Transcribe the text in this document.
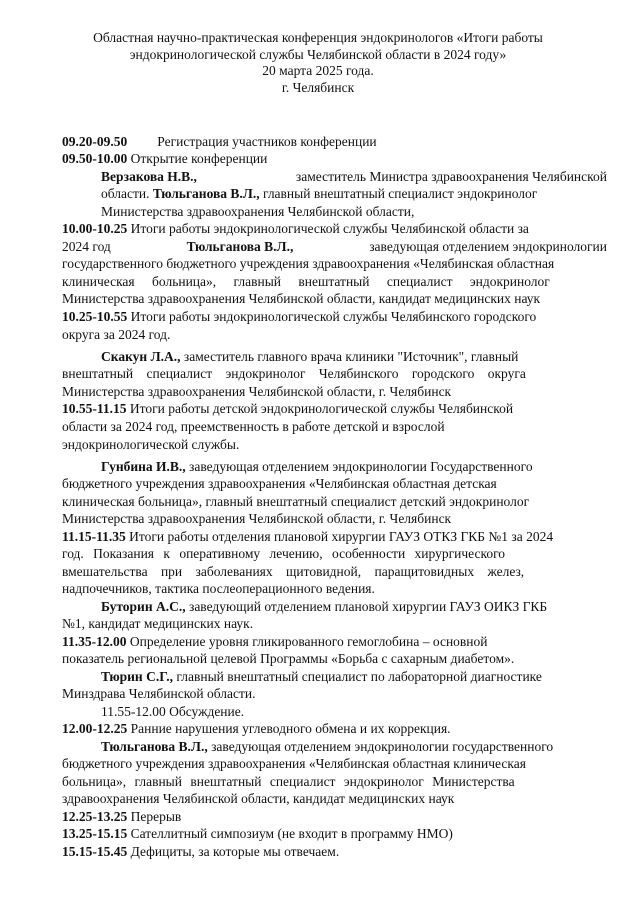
Областная научно-практическая конференция эндокринологов «Итоги работы
эндокринологической службы Челябинской области в 2024 году»
20 марта 2025 года.
г. Челябинск
09.20-09.50 Регистрация участников конференции
09.50-10.00 Открытие конференции
Верзакова Н.В.,	заместитель Министра здравоохранения Челябинской
области. Тюльганова В.Л., главный внештатный специалист эндокринолог
Министерства здравоохранения Челябинской области,
10.00-10.25 Итоги работы эндокринологической службы Челябинской области за
2024 год	Тюльганова В.Л.,	заведующая отделением эндокринологии
государственного бюджетного учреждения здравоохранения «Челябинская областная
клиническая больница», главный внештатный специалист эндокринолог
Министерства здравоохранения Челябинской области, кандидат медицинских наук
10.25-10.55 Итоги работы эндокринологической службы Челябинского городского
округа за 2024 год.
Скакун Л.А., заместитель главного врача клиники "Источник", главный
внештатный специалист эндокринолог Челябинского городского округа
Министерства здравоохранения Челябинской области, г. Челябинск
10.55-11.15 Итоги работы детской эндокринологической службы Челябинской
области за 2024 год, преемственность в работе детской и взрослой
эндокринологической службы.
Гунбина И.В., заведующая отделением эндокринологии Государственного
бюджетного учреждения здравоохранения «Челябинская областная детская
клиническая больница», главный внештатный специалист детский эндокринолог
Министерства здравоохранения Челябинской области, г. Челябинск
11.15-11.35 Итоги работы отделения плановой хирургии ГАУЗ ОТКЗ ГКБ №1 за 2024
год. Показания к оперативному лечению, особенности хирургического
вмешательства при заболеваниях щитовидной, паращитовидных желез,
надпочечников, тактика послеоперационного ведения.
Буторин А.С., заведующий отделением плановой хирургии ГАУЗ ОИКЗ ГКБ
№1, кандидат медицинских наук.
11.35-12.00 Определение уровня гликированного гемоглобина – основной
показатель региональной целевой Программы «Борьба с сахарным диабетом».
Тюрин С.Г., главный внештатный специалист по лабораторной диагностике
Минздрава Челябинской области.
11.55-12.00 Обсуждение.
12.00-12.25 Ранние нарушения углеводного обмена и их коррекция.
Тюльганова В.Л., заведующая отделением эндокринологии государственного
бюджетного учреждения здравоохранения «Челябинская областная клиническая
больница», главный внештатный специалист эндокринолог Министерства
здравоохранения Челябинской области, кандидат медицинских наук
12.25-13.25 Перерыв
13.25-15.15 Сателлитный симпозиум (не входит в программу НМО)
15.15-15.45 Дефициты, за которые мы отвечаем.
